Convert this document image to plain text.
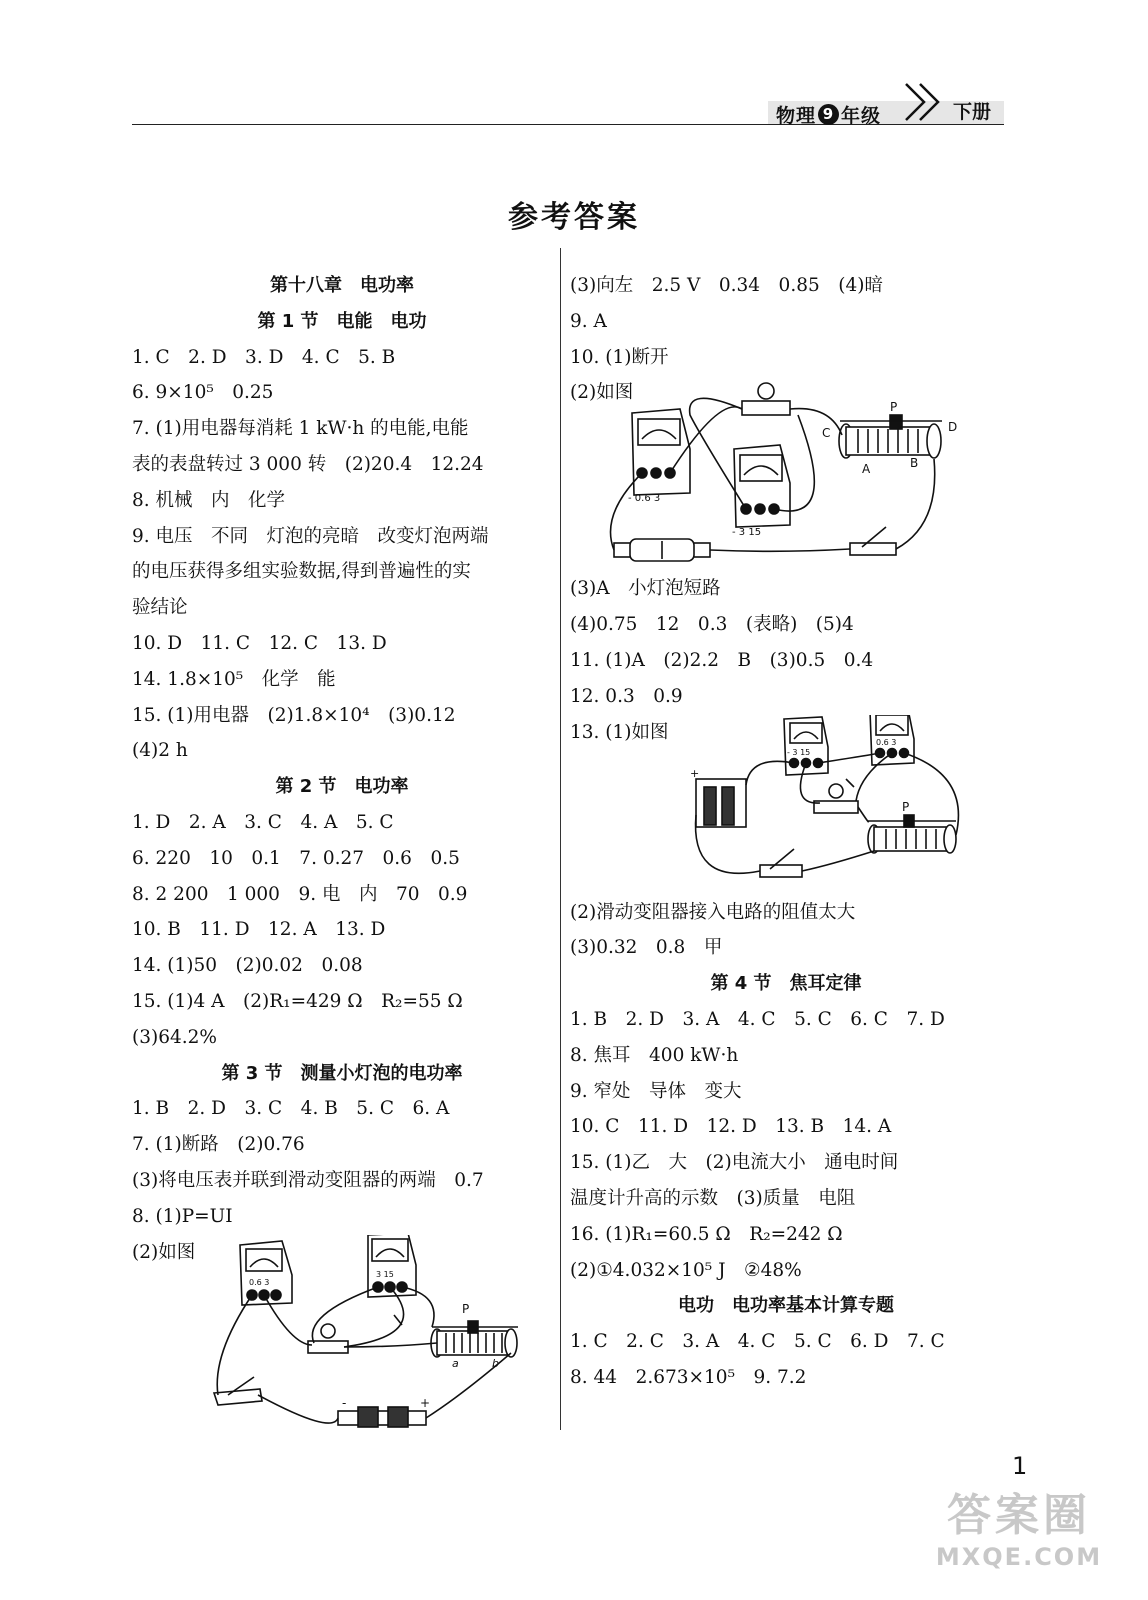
物理 9 年级	下册
参考答案
第十八章　电功率
第 1 节　电能　电功
1. C　2. D　3. D　4. C　5. B
6. 9×10⁵　0.25
7. (1)用电器每消耗 1 kW·h 的电能,电能
表的表盘转过 3 000 转　(2)20.4　12.24
8. 机械　内　化学
9. 电压　不同　灯泡的亮暗　改变灯泡两端
的电压获得多组实验数据,得到普遍性的实
验结论
10. D　11. C　12. C　13. D
14. 1.8×10⁵　化学　能
15. (1)用电器　(2)1.8×10⁴　(3)0.12
(4)2 h
第 2 节　电功率
1. D　2. A　3. C　4. A　5. C
6. 220　10　0.1　7. 0.27　0.6　0.5
8. 2 200　1 000　9. 电　内　70　0.9
10. B　11. D　12. A　13. D
14. (1)50　(2)0.02　0.08
15. (1)4 A　(2)R₁=429 Ω　R₂=55 Ω
(3)64.2%
第 3 节　测量小灯泡的电功率
1. B　2. D　3. C　4. B　5. C　6. A
7. (1)断路　(2)0.76
(3)将电压表并联到滑动变阻器的两端　0.7
8. (1)P=UI
(2)如图
0.6 3
3 15
P
a	b
-	+
(3)向左　2.5 V　0.34　0.85　(4)暗
9. A
10. (1)断开
(2)如图
- 0.6 3
- 3 15
P
C	D
A	B
(3)A　小灯泡短路
(4)0.75　12　0.3　(表略)　(5)4
11. (1)A　(2)2.2　B　(3)0.5　0.4
12. 0.3　0.9
13. (1)如图
- 3 15
0.6 3
+
P
(2)滑动变阻器接入电路的阻值太大
(3)0.32　0.8　甲
第 4 节　焦耳定律
1. B　2. D　3. A　4. C　5. C　6. C　7. D
8. 焦耳　400 kW·h
9. 窄处　导体　变大
10. C　11. D　12. D　13. B　14. A
15. (1)乙　大　(2)电流大小　通电时间
温度计升高的示数　(3)质量　电阻
16. (1)R₁=60.5 Ω　R₂=242 Ω
(2)①4.032×10⁵ J　②48%
电功　电功率基本计算专题
1. C　2. C　3. A　4. C　5. C　6. D　7. C
8. 44　2.673×10⁵　9. 7.2
1
答案圈
MXQE.COM
